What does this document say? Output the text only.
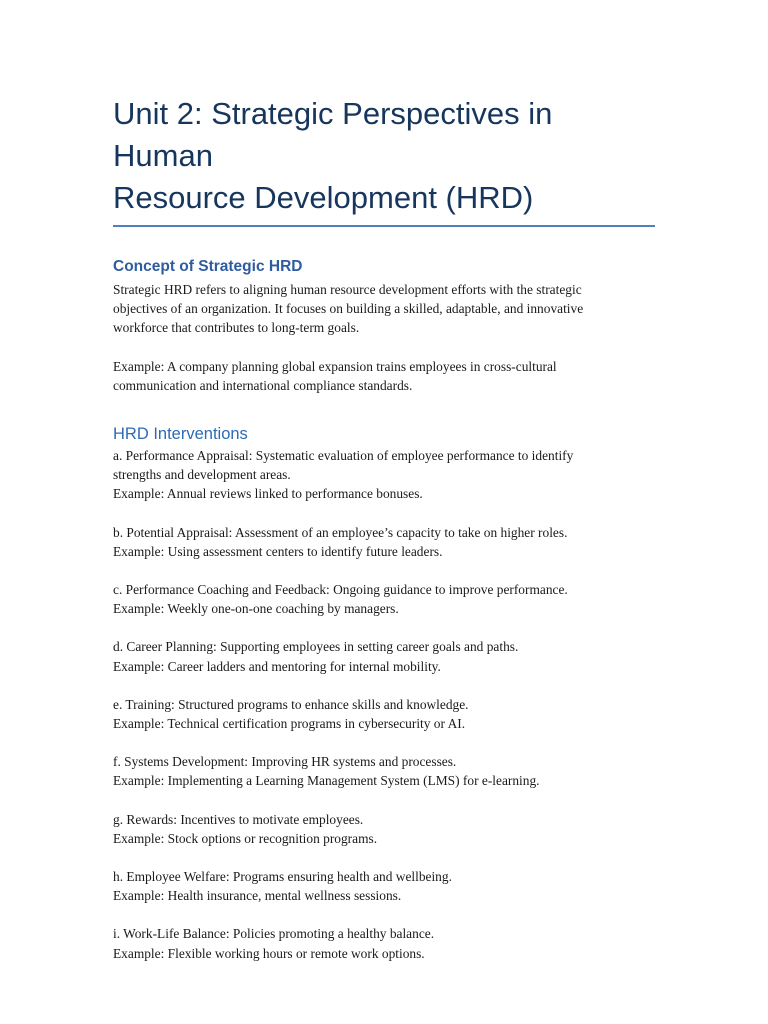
Unit 2: Strategic Perspectives in Human
Resource Development (HRD)
Concept of Strategic HRD

Strategic HRD refers to aligning human resource development efforts with the strategic
objectives of an organization. It focuses on building a skilled, adaptable, and innovative
workforce that contributes to long-term goals.

Example: A company planning global expansion trains employees in cross-cultural
communication and international compliance standards.

HRD Interventions
a. Performance Appraisal: Systematic evaluation of employee performance to identify
strengths and development areas.
Example: Annual reviews linked to performance bonuses.
b. Potential Appraisal: Assessment of an employee’s capacity to take on higher roles.
Example: Using assessment centers to identify future leaders.
c. Performance Coaching and Feedback: Ongoing guidance to improve performance.
Example: Weekly one-on-one coaching by managers.
d. Career Planning: Supporting employees in setting career goals and paths.
Example: Career ladders and mentoring for internal mobility.
e. Training: Structured programs to enhance skills and knowledge.
Example: Technical certification programs in cybersecurity or AI.
f. Systems Development: Improving HR systems and processes.
Example: Implementing a Learning Management System (LMS) for e-learning.
g. Rewards: Incentives to motivate employees.
Example: Stock options or recognition programs.
h. Employee Welfare: Programs ensuring health and wellbeing.
Example: Health insurance, mental wellness sessions.
i. Work-Life Balance: Policies promoting a healthy balance.
Example: Flexible working hours or remote work options.
